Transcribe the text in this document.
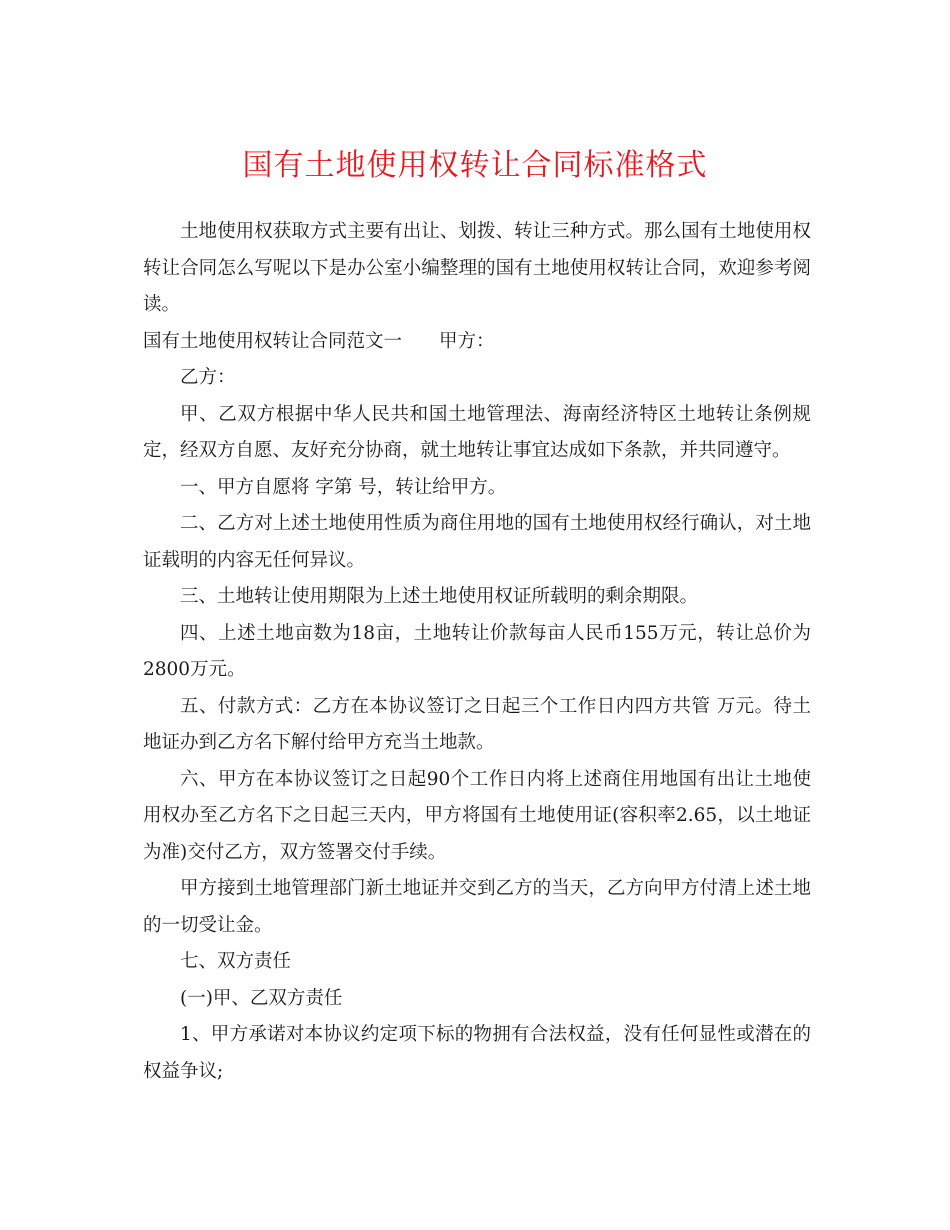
国有土地使用权转让合同标准格式

土地使用权获取方式主要有出让、划拨、转让三种方式。那么国有土地使用权转让合同怎么写呢以下是办公室小编整理的国有土地使用权转让合同，欢迎参考阅读。

国有土地使用权转让合同范文一　　甲方：

乙方：

甲、乙双方根据中华人民共和国土地管理法、海南经济特区土地转让条例规定，经双方自愿、友好充分协商，就土地转让事宜达成如下条款，并共同遵守。

一、甲方自愿将 字第 号，转让给甲方。

二、乙方对上述土地使用性质为商住用地的国有土地使用权经行确认，对土地证载明的内容无任何异议。

三、土地转让使用期限为上述土地使用权证所载明的剩余期限。

四、上述土地亩数为18亩，土地转让价款每亩人民币155万元，转让总价为2800万元。

五、付款方式：乙方在本协议签订之日起三个工作日内四方共管 万元。待土地证办到乙方名下解付给甲方充当土地款。

六、甲方在本协议签订之日起90个工作日内将上述商住用地国有出让土地使用权办至乙方名下之日起三天内，甲方将国有土地使用证(容积率2.65，以土地证为准)交付乙方，双方签署交付手续。

甲方接到土地管理部门新土地证并交到乙方的当天，乙方向甲方付清上述土地的一切受让金。

七、双方责任

(一)甲、乙双方责任

1、甲方承诺对本协议约定项下标的物拥有合法权益，没有任何显性或潜在的权益争议;
